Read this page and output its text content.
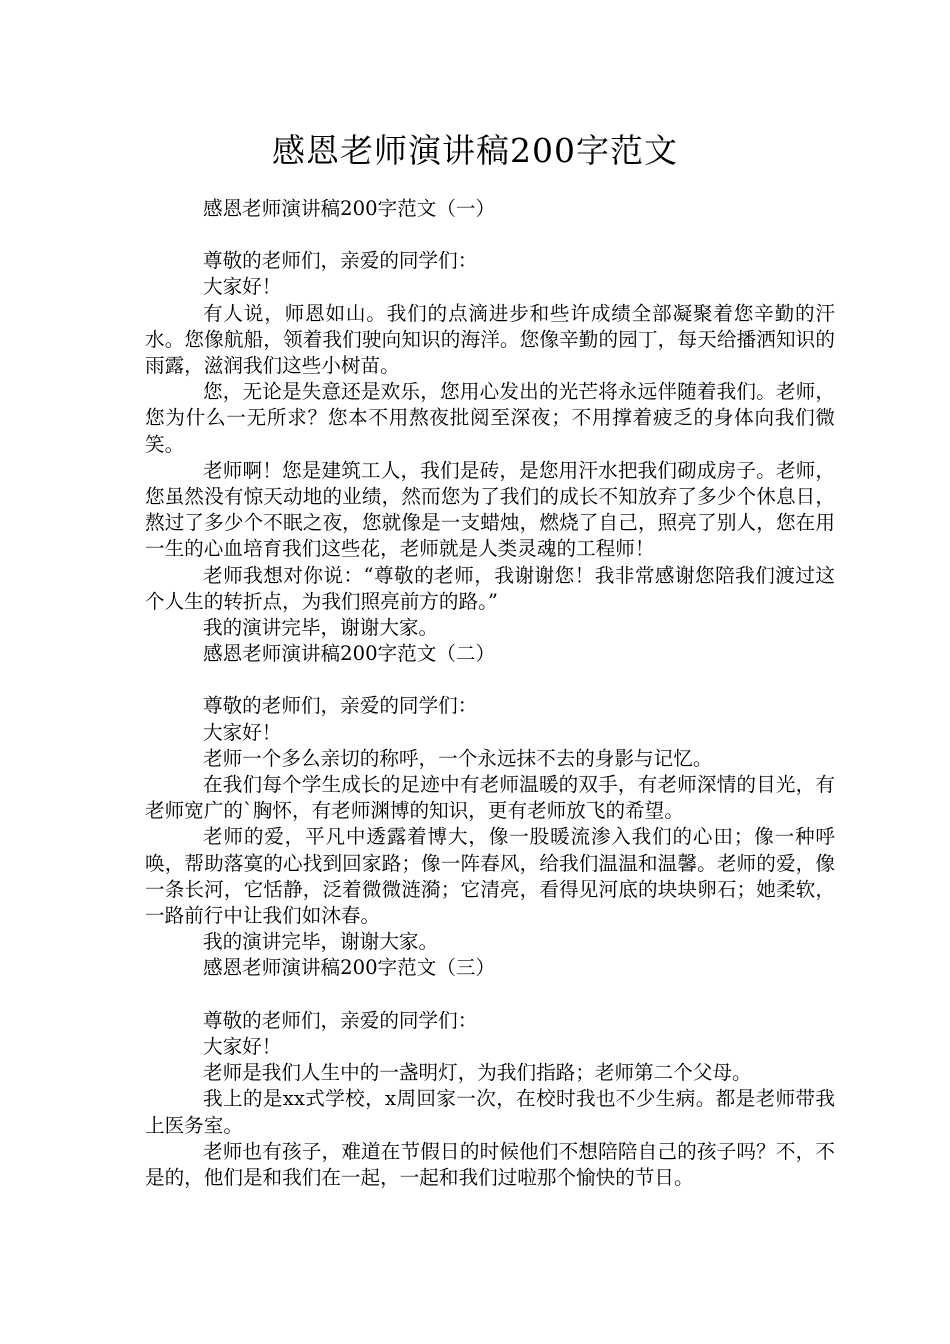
感恩老师演讲稿200字范文

感恩老师演讲稿200字范文（一）

尊敬的老师们，亲爱的同学们：

大家好！

有人说，师恩如山。我们的点滴进步和些许成绩全部凝聚着您辛勤的汗水。您像航船，领着我们驶向知识的海洋。您像辛勤的园丁，每天给播洒知识的雨露，滋润我们这些小树苗。

您，无论是失意还是欢乐，您用心发出的光芒将永远伴随着我们。老师，您为什么一无所求？您本不用熬夜批阅至深夜；不用撑着疲乏的身体向我们微笑。

老师啊！您是建筑工人，我们是砖，是您用汗水把我们砌成房子。老师，您虽然没有惊天动地的业绩，然而您为了我们的成长不知放弃了多少个休息日，熬过了多少个不眠之夜，您就像是一支蜡烛，燃烧了自己，照亮了别人，您在用一生的心血培育我们这些花，老师就是人类灵魂的工程师！

老师我想对你说：“尊敬的老师，我谢谢您！我非常感谢您陪我们渡过这个人生的转折点，为我们照亮前方的路。”

我的演讲完毕，谢谢大家。

感恩老师演讲稿200字范文（二）

尊敬的老师们，亲爱的同学们：

大家好！

老师一个多么亲切的称呼，一个永远抹不去的身影与记忆。

在我们每个学生成长的足迹中有老师温暖的双手，有老师深情的目光，有老师宽广的`胸怀，有老师渊博的知识，更有老师放飞的希望。

老师的爱，平凡中透露着博大，像一股暖流渗入我们的心田；像一种呼唤，帮助落寞的心找到回家路；像一阵春风，给我们温温和温馨。老师的爱，像一条长河，它恬静，泛着微微涟漪；它清亮，看得见河底的块块卵石；她柔软，一路前行中让我们如沐春。

我的演讲完毕，谢谢大家。

感恩老师演讲稿200字范文（三）

尊敬的老师们，亲爱的同学们：

大家好！

老师是我们人生中的一盏明灯，为我们指路；老师第二个父母。

我上的是xx式学校，x周回家一次，在校时我也不少生病。都是老师带我上医务室。

老师也有孩子，难道在节假日的时候他们不想陪陪自己的孩子吗？不，不是的，他们是和我们在一起，一起和我们过啦那个愉快的节日。
